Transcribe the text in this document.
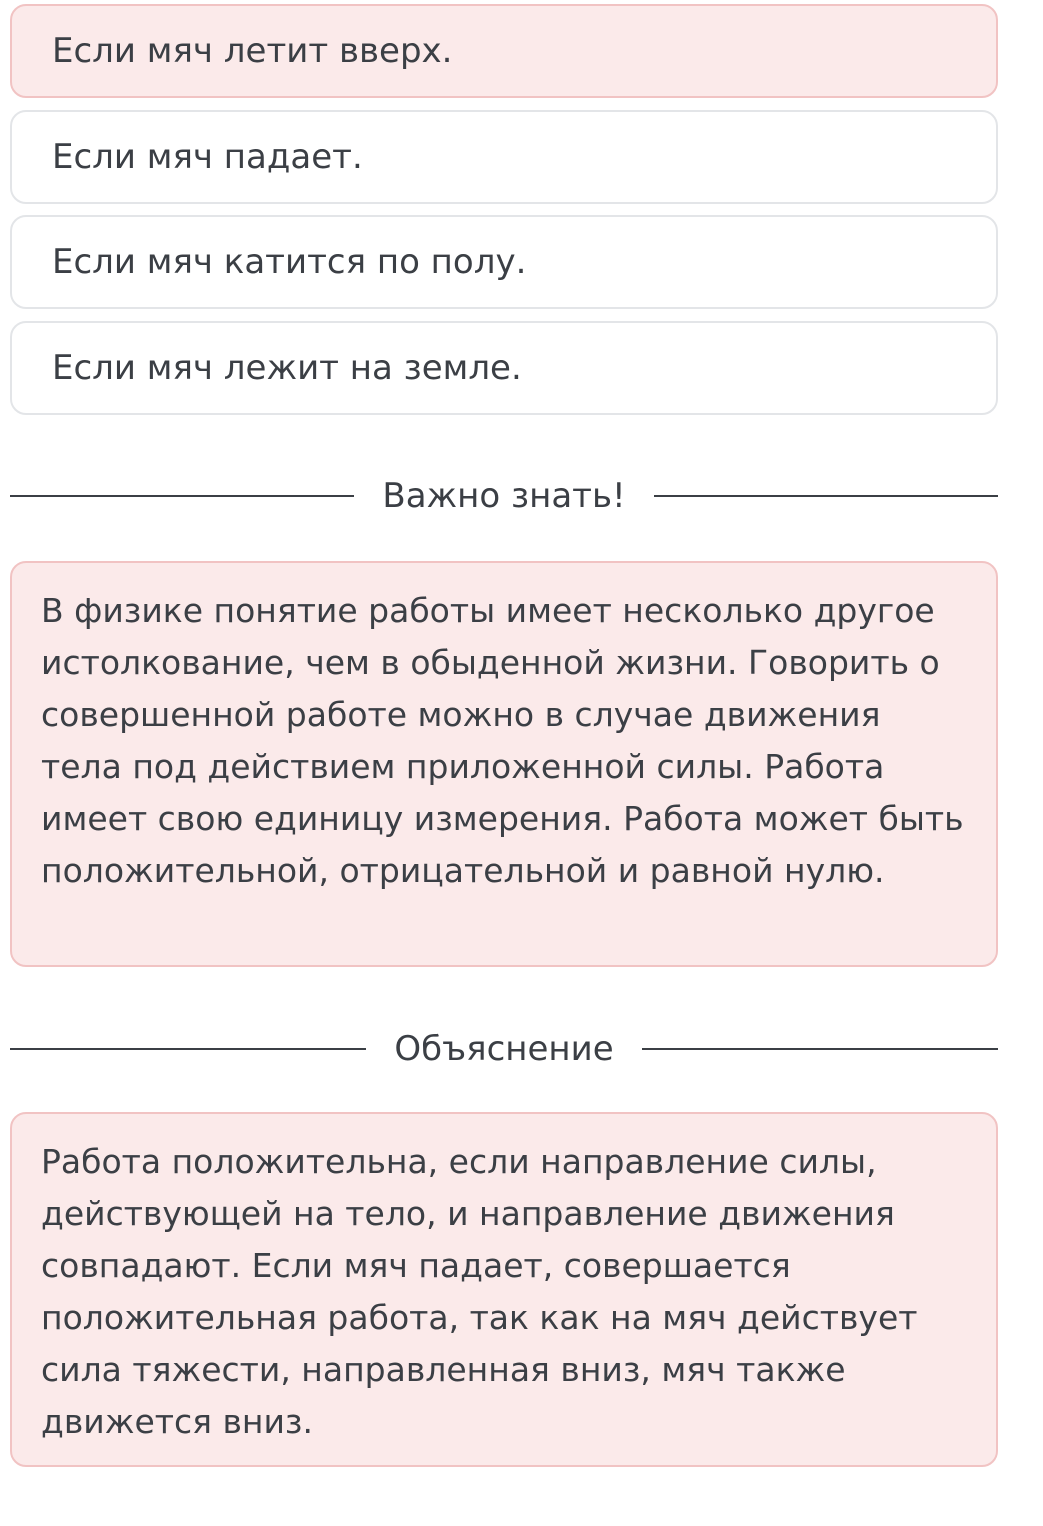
Если мяч летит вверх.
Если мяч падает.
Если мяч катится по полу.
Если мяч лежит на земле.
Важно знать!

В физике понятие работы имеет несколько другое истолкование, чем в обыденной жизни. Говорить о совершенной работе можно в случае движения тела под действием приложенной силы. Работа имеет свою единицу измерения. Работа может быть положительной, отрицательной и равной нулю.

Объяснение

Работа положительна, если направление силы, действующей на тело, и направление движения совпадают. Если мяч падает, совершается положительная работа, так как на мяч действует сила тяжести, направленная вниз, мяч также движется вниз.
